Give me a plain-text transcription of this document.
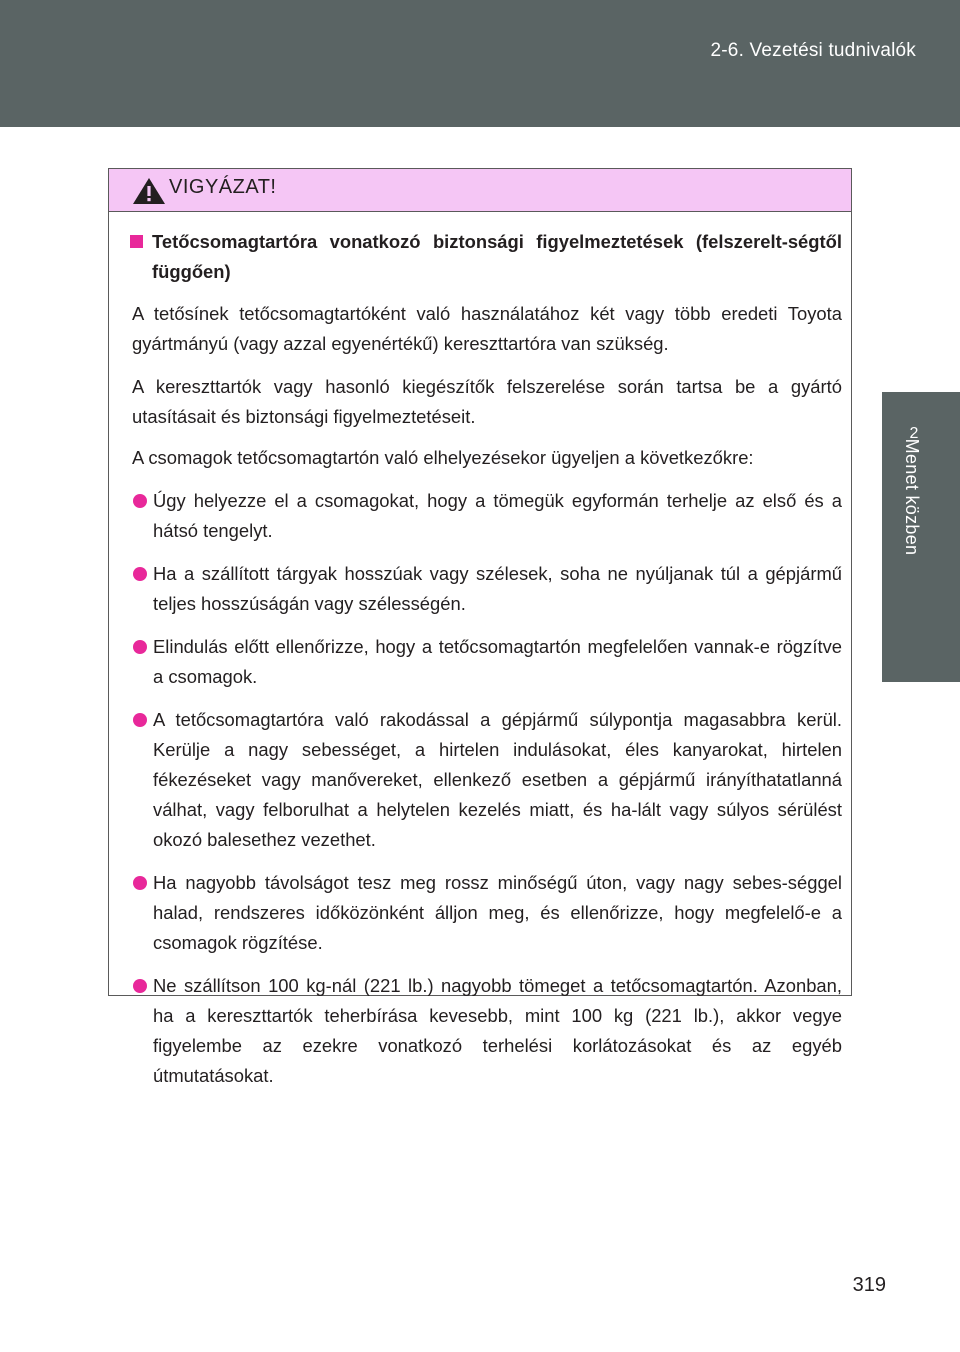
2-6. Vezetési tudnivalók
2
Menet közben
VIGYÁZAT!
Tetőcsomagtartóra vonatkozó biztonsági figyelmeztetések (felszerelt-ségtől függően)

A tetősínek tetőcsomagtartóként való használatához két vagy több eredeti Toyota gyártmányú (vagy azzal egyenértékű) kereszttartóra van szükség.

A kereszttartók vagy hasonló kiegészítők felszerelése során tartsa be a gyártó utasításait és biztonsági figyelmeztetéseit.

A csomagok tetőcsomagtartón való elhelyezésekor ügyeljen a következőkre:

Úgy helyezze el a csomagokat, hogy a tömegük egyformán terhelje az első és a hátsó tengelyt.
Ha a szállított tárgyak hosszúak vagy szélesek, soha ne nyúljanak túl a gépjármű teljes hosszúságán vagy szélességén.
Elindulás előtt ellenőrizze, hogy a tetőcsomagtartón megfelelően vannak-e rögzítve a csomagok.
A tetőcsomagtartóra való rakodással a gépjármű súlypontja magasabbra kerül. Kerülje a nagy sebességet, a hirtelen indulásokat, éles kanyarokat, hirtelen fékezéseket vagy manővereket, ellenkező esetben a gépjármű irányíthatatlanná válhat, vagy felborulhat a helytelen kezelés miatt, és ha-lált vagy súlyos sérülést okozó balesethez vezethet.
Ha nagyobb távolságot tesz meg rossz minőségű úton, vagy nagy sebes-séggel halad, rendszeres időközönként álljon meg, és ellenőrizze, hogy megfelelő-e a csomagok rögzítése.
Ne szállítson 100 kg-nál (221 lb.) nagyobb tömeget a tetőcsomagtartón. Azonban, ha a kereszttartók teherbírása kevesebb, mint 100 kg (221 lb.), akkor vegye figyelembe az ezekre vonatkozó terhelési korlátozásokat és az egyéb útmutatásokat.
319
